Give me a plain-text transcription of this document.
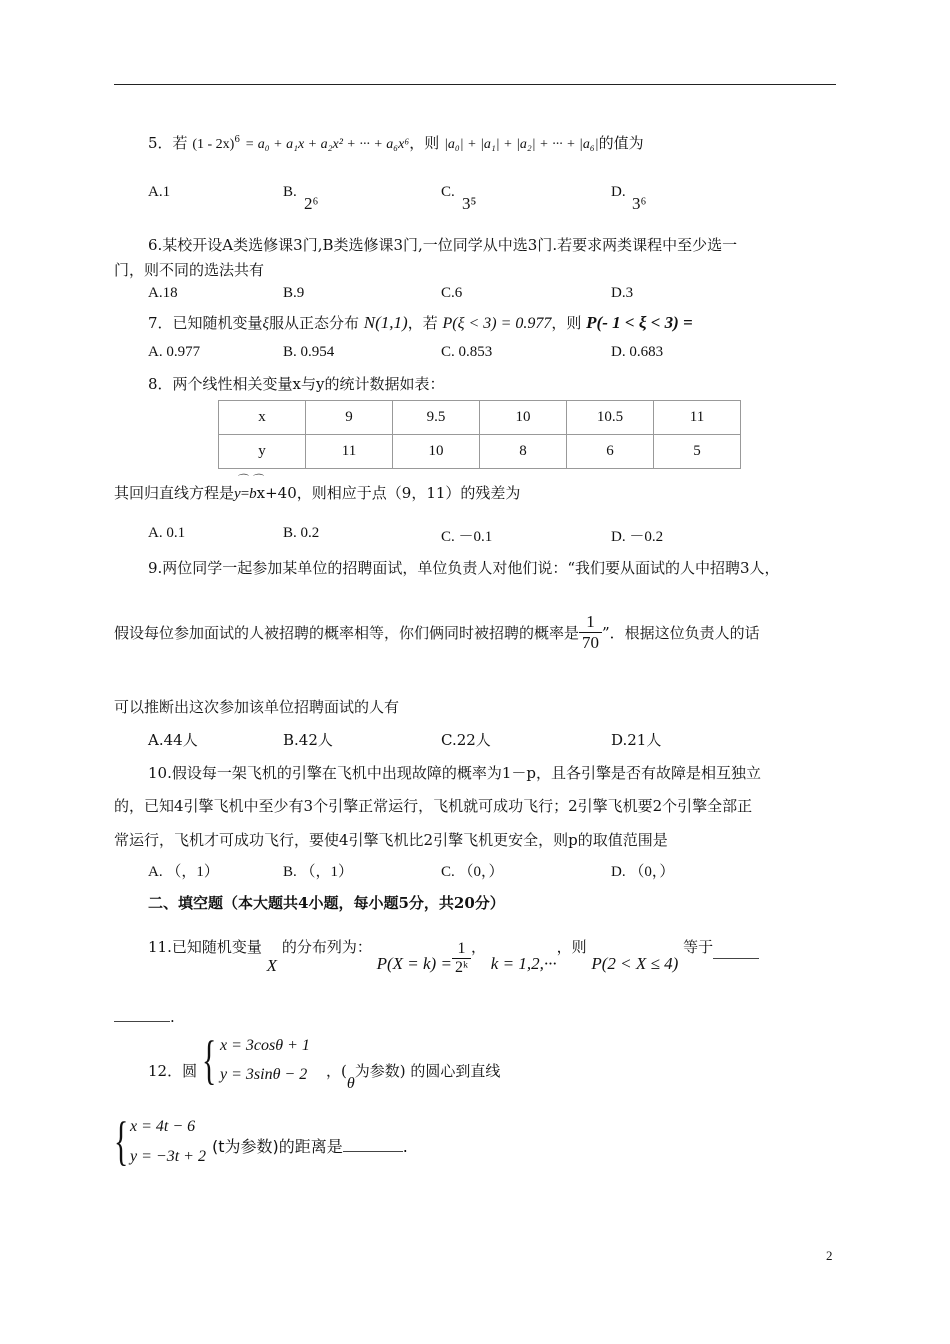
5．若 (1 - 2x)$^6$ = a₀ + a₁x + a₂x² + ··· + a₆x⁶，则 |a₀| + |a₁| + |a₂| + ··· + |a₆|的值为
A.1	B.
2⁶
C.
3⁵
D.
3⁶
6.某校开设A类选修课3门,B类选修课3门,一位同学从中选3门.若要求两类课程中至少选一
门，则不同的选法共有
A.18	B.9	C.6	D.3
7．已知随机变量ξ服从正态分布 N(1,1)，若 P(ξ < 3) = 0.977，则 P(- 1 < ξ < 3) =
A. 0.977	B. 0.954	C. 0.853	D. 0.683
8．两个线性相关变量x与y的统计数据如表：
x	9	9.5	10	10.5	11
y	11	10	8	6	5
其回归直线方程是
⌒
y=
⌒
bx+40，则相应于点（9，11）的残差为
A. 0.1	B. 0.2	C. －0.1	D. －0.2
9.两位同学一起参加某单位的招聘面试，单位负责人对他们说：“我们要从面试的人中招聘3人，
假设每位参加面试的人被招聘的概率相等，你们俩同时被招聘的概率是 $\frac{1}{70}$ ”．根据这位负责人的话
可以推断出这次参加该单位招聘面试的人有
A.44人	B.42人	C.22人	D.21人
10.假设每一架飞机的引擎在飞机中出现故障的概率为1－p，且各引擎是否有故障是相互独立
的，已知4引擎飞机中至少有3个引擎正常运行，飞机就可成功飞行；2引擎飞机要2个引擎全部正
常运行，飞机才可成功飞行，要使4引擎飞机比2引擎飞机更安全，则p的取值范围是
A. （，1）	B. （，1）	C. （0，）	D. （0，）
二、填空题（本大题共4小题，每小题5分，共20分）
11.已知随机变量 X 的分布列为： $P(X = k) = \frac{1}{\text{2ᵏ}}$ ， k = 1,2,···，则 P(2 < X ≤ 4) 等于
.
12．圆 { x = 3cosθ + 1
y = 3sinθ − 2 ，(θ为参数) 的圆心到直线
{ x = 4t − 6
y = −3t + 2
(t为参数)的距离是	.
2
